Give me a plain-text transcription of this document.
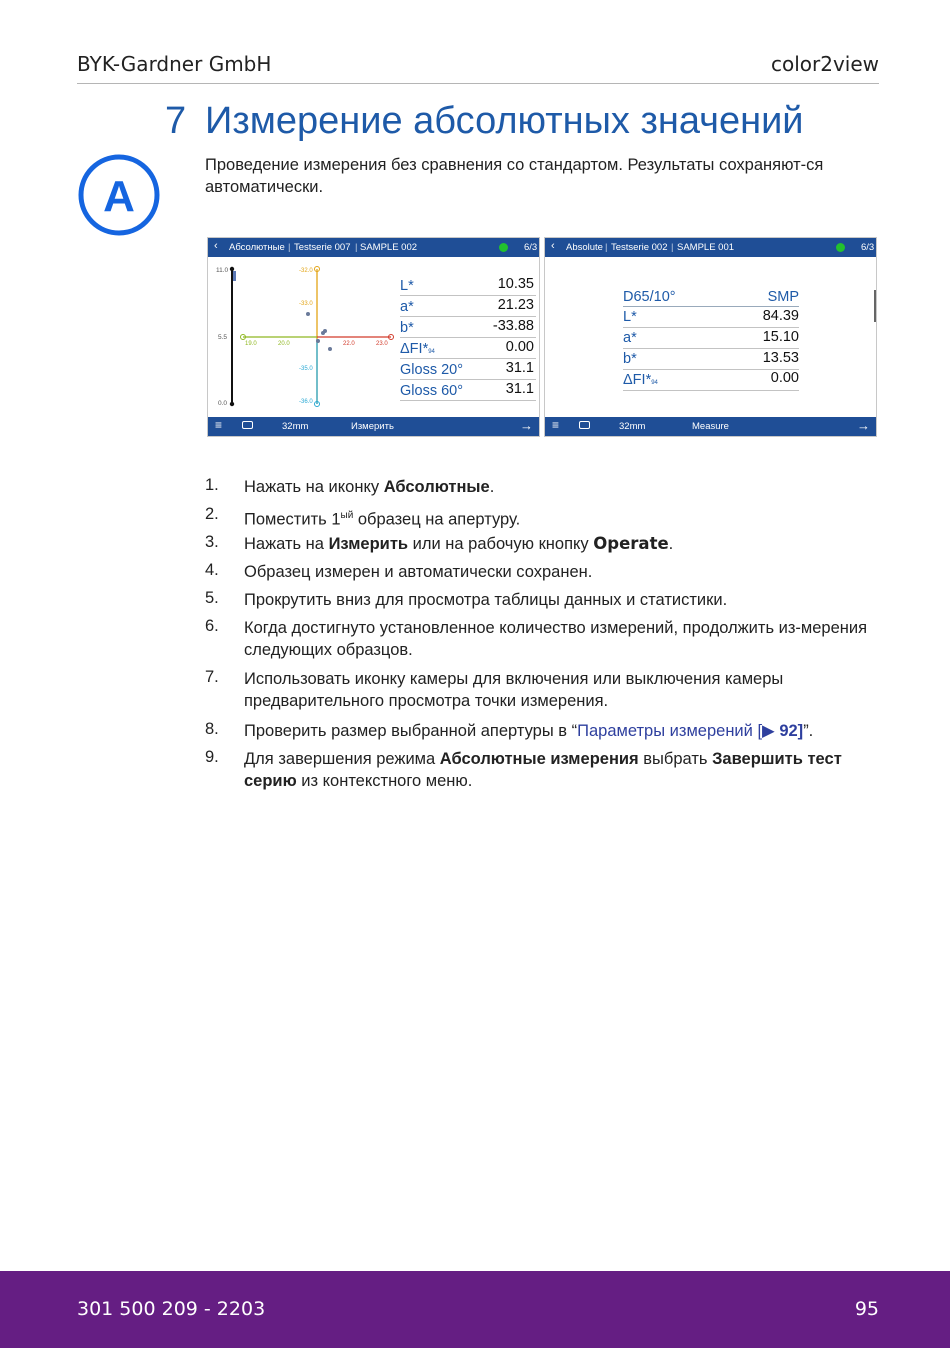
BYK-Gardner GmbH	color2view
7 Измерение абсолютных значений
A
Проведение измерения без сравнения со стандартом. Результаты сохраняют-ся автоматически.
‹ Абсолютные | Testserie 007 | SAMPLE 002	6/3
11.0
5.5
0.0
-32.0
-33.0
-35.0
-36.0
19.0	20.0	22.0	23.0
L*	10.35
a*	21.23
b*	-33.88
ΔFI*94	0.00
Gloss 20°	31.1
Gloss 60°	31.1
≡	32mm	Измерить	→
‹ Absolute | Testserie 002 | SAMPLE 001	6/3
D65/10°	SMP
L*	84.39
a*	15.10
b*	13.53
ΔFI*94	0.00
≡	32mm	Measure	→
1. Нажать на иконку Абсолютные.
2. Поместить $1^{ый}$ образец на апертуру.
3. Нажать на Измерить или на рабочую кнопку Operate.
4. Образец измерен и автоматически сохранен.
5. Прокрутить вниз для просмотра таблицы данных и статистики.
6. Когда достигнуто установленное количество измерений, продолжить из-мерения следующих образцов.
7. Использовать иконку камеры для включения или выключения камеры предварительного просмотра точки измерения.
8. Проверить размер выбранной апертуры в “Параметры измерений [▶ 92]”.
9. Для завершения режима Абсолютные измерения выбрать Завершить тест серию из контекстного меню.
301 500 209 - 2203	95
